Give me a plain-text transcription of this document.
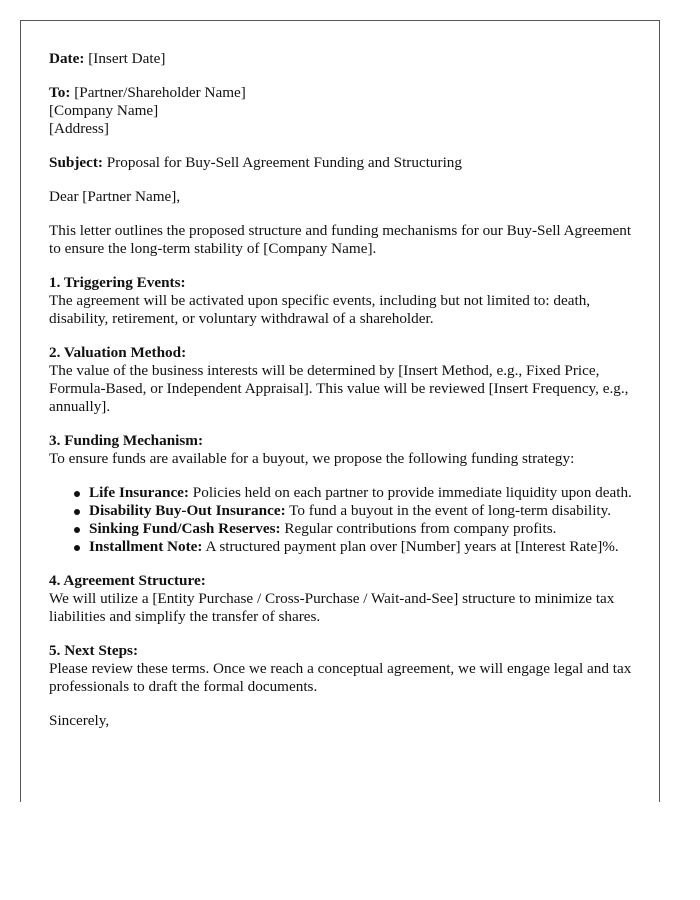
Date: [Insert Date]

To: [Partner/Shareholder Name]
[Company Name]
[Address]

Subject: Proposal for Buy-Sell Agreement Funding and Structuring

Dear [Partner Name],

This letter outlines the proposed structure and funding mechanisms for our Buy-Sell Agreement to ensure the long-term stability of [Company Name].

1. Triggering Events:
The agreement will be activated upon specific events, including but not limited to: death, disability, retirement, or voluntary withdrawal of a shareholder.
2. Valuation Method:
The value of the business interests will be determined by [Insert Method, e.g., Fixed Price, Formula-Based, or Independent Appraisal]. This value will be reviewed [Insert Frequency, e.g., annually].
3. Funding Mechanism:
To ensure funds are available for a buyout, we propose the following funding strategy:
Life Insurance: Policies held on each partner to provide immediate liquidity upon death.
Disability Buy-Out Insurance: To fund a buyout in the event of long-term disability.
Sinking Fund/Cash Reserves: Regular contributions from company profits.
Installment Note: A structured payment plan over [Number] years at [Interest Rate]%.
4. Agreement Structure:
We will utilize a [Entity Purchase / Cross-Purchase / Wait-and-See] structure to minimize tax liabilities and simplify the transfer of shares.
5. Next Steps:
Please review these terms. Once we reach a conceptual agreement, we will engage legal and tax professionals to draft the formal documents.

Sincerely,
